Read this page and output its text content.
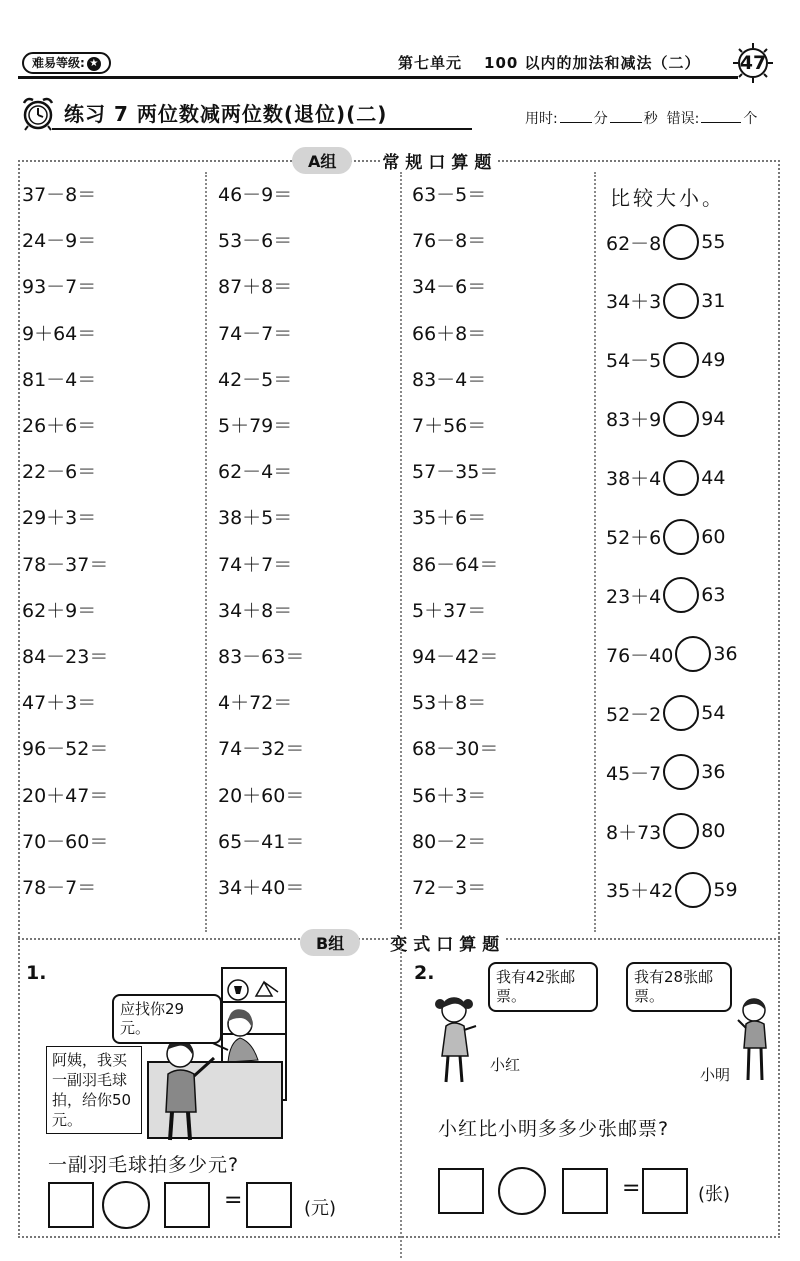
难易等级: ★	第七单元 100 以内的加法和减法（二）	47
练习 7 两位数减两位数(退位)(二)	用时:	分	秒 错误:	个
A组	常规口算题
37－8＝
24－9＝
93－7＝
9＋64＝
81－4＝
26＋6＝
22－6＝
29＋3＝
78－37＝
62＋9＝
84－23＝
47＋3＝
96－52＝
20＋47＝
70－60＝
78－7＝
46－9＝
53－6＝
87＋8＝
74－7＝
42－5＝
5＋79＝
62－4＝
38＋5＝
74＋7＝
34＋8＝
83－63＝
4＋72＝
74－32＝
20＋60＝
65－41＝
34＋40＝
63－5＝
76－8＝
34－6＝
66＋8＝
83－4＝
7＋56＝
57－35＝
35＋6＝
86－64＝
5＋37＝
94－42＝
53＋8＝
68－30＝
56＋3＝
80－2＝
72－3＝
比较大小。
62－8 55
34＋3 31
54－5 49
83＋9 94
38＋4 44
52＋6 60
23＋4 63
76－40 36
52－2 54
45－7 36
8＋73 80
35＋42 59
B组	变式口算题
1.
应找你29元。
阿姨，我买一副羽毛球拍，给你50元。
一副羽毛球拍多少元?
=	(元)
2.	我有42张邮票。
我有28张邮票。
小红
小明
小红比小明多多少张邮票?
=	(张)
